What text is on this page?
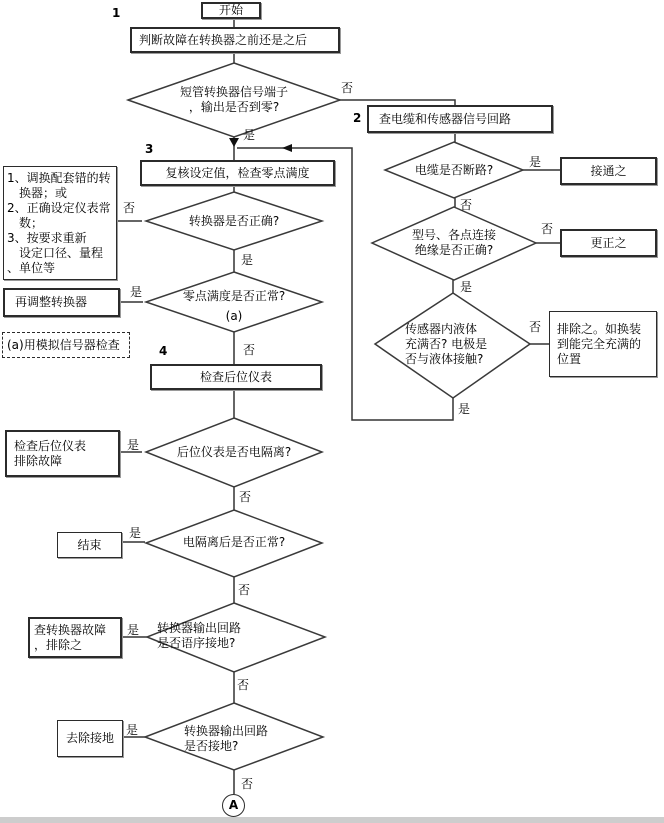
开始
判断故障在转换器之前还是之后
查电缆和传感器信号回路
接通之
更正之
排除之。如换装
到能完全充满的
位置
1、调换配套错的转
　换器；或
2、正确设定仪表常
　数；
3、按要求重新
　设定口径、量程
、单位等
复核设定值，检查零点满度
再调整转换器
(a)用模拟信号器检查
检查后位仪表
检查后位仪表
排除故障
结束
查转换器故障
，排除之
去除接地
A
短管转换器信号端子
，输出是否到零?
电缆是否断路?
型号、各点连接
绝缘是否正确?
传感器内液体
充满否? 电极是
否与液体接触?
转换器是否正确?
零点满度是否正常?
(a)
后位仪表是否电隔离?
电隔离后是否正常?
转换器输出回路
是否语序接地?
转换器输出回路
是否接地?
1
2
3
4
否
是
是
否
否
是
否
是
否
是
是
否
是
否
是
否
是
否
是
否
